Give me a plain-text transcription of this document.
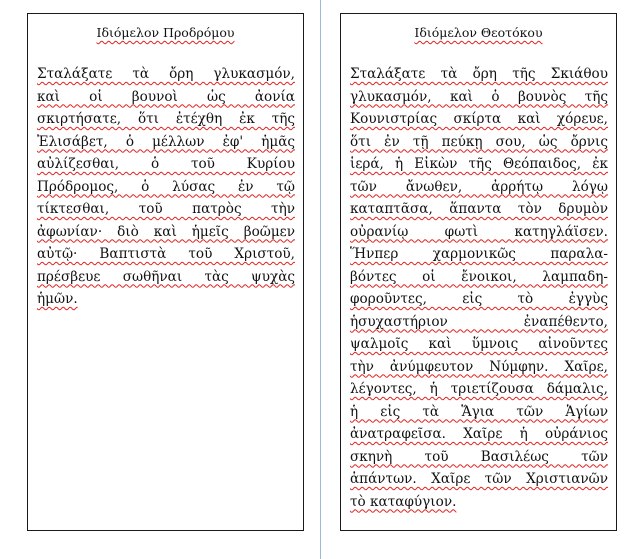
Ιδιόμελον Προδρόμου
Σταλάξατε τὰ ὄρη γλυκασμόν,
καὶ οἱ βουνοὶ ὡς ἀονία
σκιρτήσατε, ὅτι ἐτέχθη ἐκ τῆς
Ἐλισάβετ, ὁ μέλλων ἐφ' ἡμᾶς
αὐλίζεσθαι, ὁ τοῦ Κυρίου
Πρόδρομος, ὁ λύσας ἐν τῷ
τίκτεσθαι, τοῦ πατρὸς τὴν
ἀφωνίαν· διὸ καὶ ἡμεῖς βοῶμεν
αὐτῷ· Βαπτιστὰ τοῦ Χριστοῦ,
πρέσβευε σωθῆναι τὰς ψυχὰς
ἡμῶν.
Ιδιόμελον Θεοτόκου
Σταλάξατε τὰ ὄρη τῆς Σκιάθου
γλυκασμόν, καὶ ὁ βουνὸς τῆς
Κουνιστρίας σκίρτα καὶ χόρευε,
ὅτι ἐν τῇ πεύκῃ σου, ὡς ὄρνις
ἱερά, ἡ Εἰκὼν τῆς Θεόπαιδος, ἐκ
τῶν ἄνωθεν, ἀρρήτῳ λόγῳ
καταπτᾶσα, ἅπαντα τὸν δρυμὸν
οὐρανίῳ φωτὶ κατηγλάϊσεν.
Ἥνπερ χαρμονικῶς παραλα-
βόντες οἱ ἔνοικοι, λαμπαδη-
φοροῦντες, εἰς τὸ ἐγγὺς
ἡσυχαστήριον ἐναπέθεντο,
ψαλμοῖς καὶ ὕμνοις αἰνοῦντες
τὴν ἀνύμφευτον Νύμφην. Χαῖρε,
λέγοντες, ἡ τριετίζουσα δάμαλις,
ἡ εἰς τὰ Ἅγια τῶν Ἁγίων
ἀνατραφεῖσα. Χαῖρε ἡ οὐράνιος
σκηνὴ τοῦ Βασιλέως τῶν
ἁπάντων. Χαῖρε τῶν Χριστιανῶν
τὸ καταφύγιον.
